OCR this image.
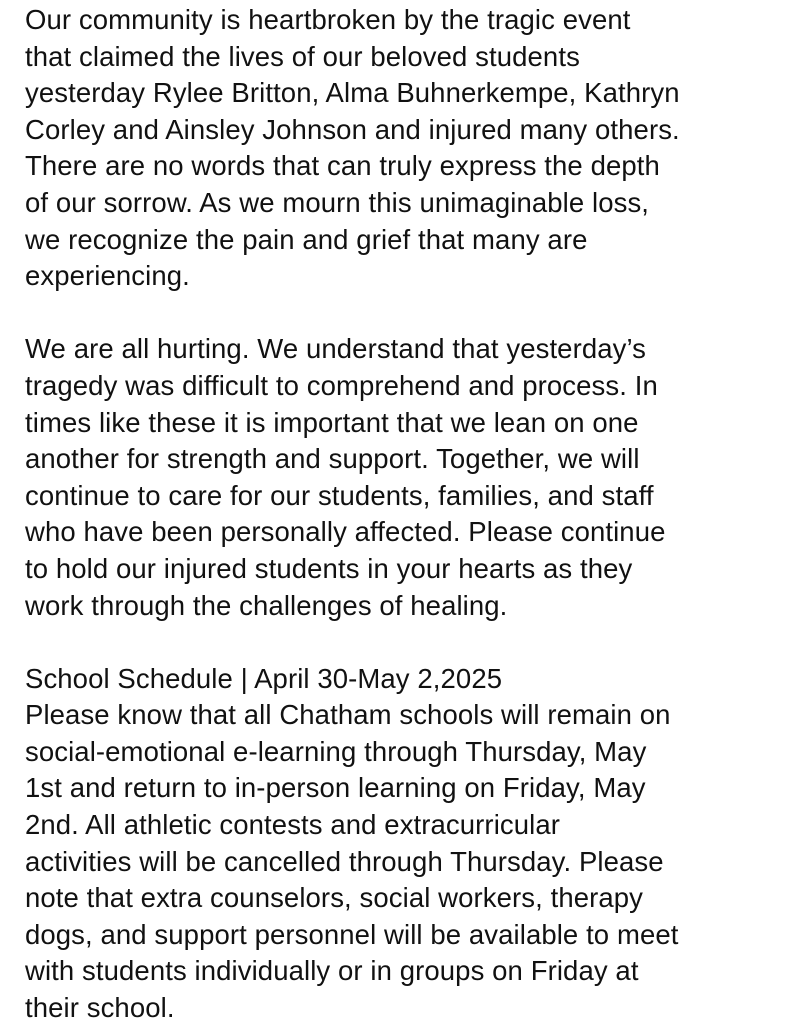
Our community is heartbroken by the tragic event
that claimed the lives of our beloved students
yesterday Rylee Britton, Alma Buhnerkempe, Kathryn
Corley and Ainsley Johnson and injured many others.
There are no words that can truly express the depth
of our sorrow. As we mourn this unimaginable loss,
we recognize the pain and grief that many are
experiencing.
We are all hurting. We understand that yesterday’s
tragedy was difficult to comprehend and process. In
times like these it is important that we lean on one
another for strength and support. Together, we will
continue to care for our students, families, and staff
who have been personally affected. Please continue
to hold our injured students in your hearts as they
work through the challenges of healing.
School Schedule | April 30-May 2,2025
Please know that all Chatham schools will remain on
social-emotional e-learning through Thursday, May
1st and return to in-person learning on Friday, May
2nd. All athletic contests and extracurricular
activities will be cancelled through Thursday. Please
note that extra counselors, social workers, therapy
dogs, and support personnel will be available to meet
with students individually or in groups on Friday at
their school.
